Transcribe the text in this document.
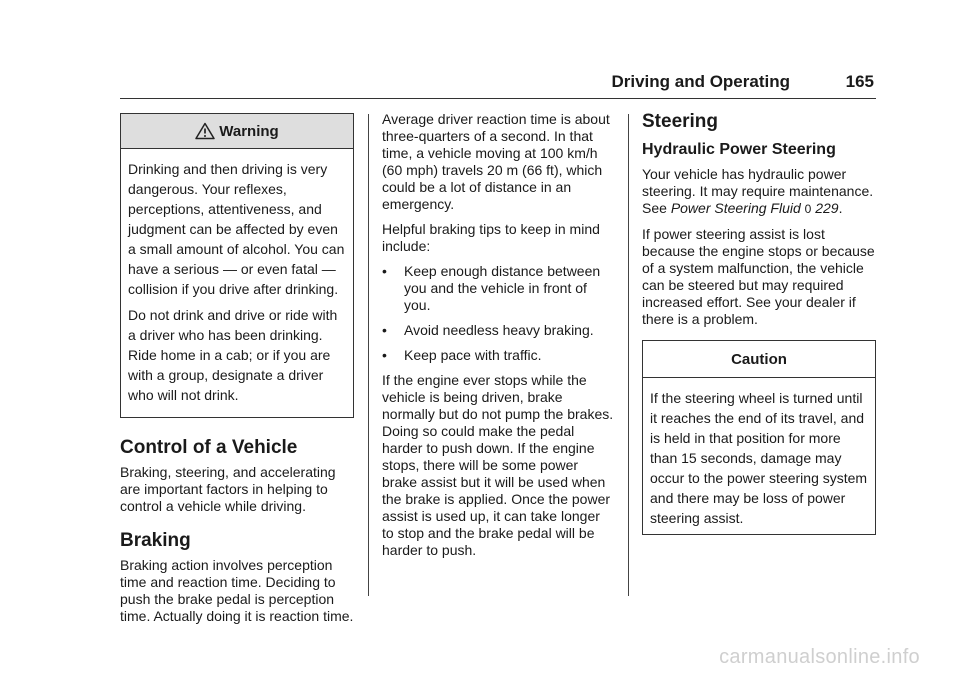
Driving and Operating	165
Warning

Drinking and then driving is very dangerous. Your reflexes, perceptions, attentiveness, and judgment can be affected by even a small amount of alcohol. You can have a serious — or even fatal — collision if you drive after drinking.

Do not drink and drive or ride with a driver who has been drinking. Ride home in a cab; or if you are with a group, designate a driver who will not drink.

Control of a Vehicle

Braking, steering, and accelerating are important factors in helping to control a vehicle while driving.

Braking

Braking action involves perception time and reaction time. Deciding to push the brake pedal is perception time. Actually doing it is reaction time.

Average driver reaction time is about three-quarters of a second. In that time, a vehicle moving at 100 km/h (60 mph) travels 20 m (66 ft), which could be a lot of distance in an emergency.

Helpful braking tips to keep in mind include:

• Keep enough distance between you and the vehicle in front of you.
• Avoid needless heavy braking.
• Keep pace with traffic.

If the engine ever stops while the vehicle is being driven, brake normally but do not pump the brakes. Doing so could make the pedal harder to push down. If the engine stops, there will be some power brake assist but it will be used when the brake is applied. Once the power assist is used up, it can take longer to stop and the brake pedal will be harder to push.

Steering
Hydraulic Power Steering

Your vehicle has hydraulic power steering. It may require maintenance. See Power Steering Fluid 0 229.

If power steering assist is lost because the engine stops or because of a system malfunction, the vehicle can be steered but may required increased effort. See your dealer if there is a problem.

Caution

If the steering wheel is turned until it reaches the end of its travel, and is held in that position for more than 15 seconds, damage may occur to the power steering system and there may be loss of power steering assist.

carmanualsonline.info
